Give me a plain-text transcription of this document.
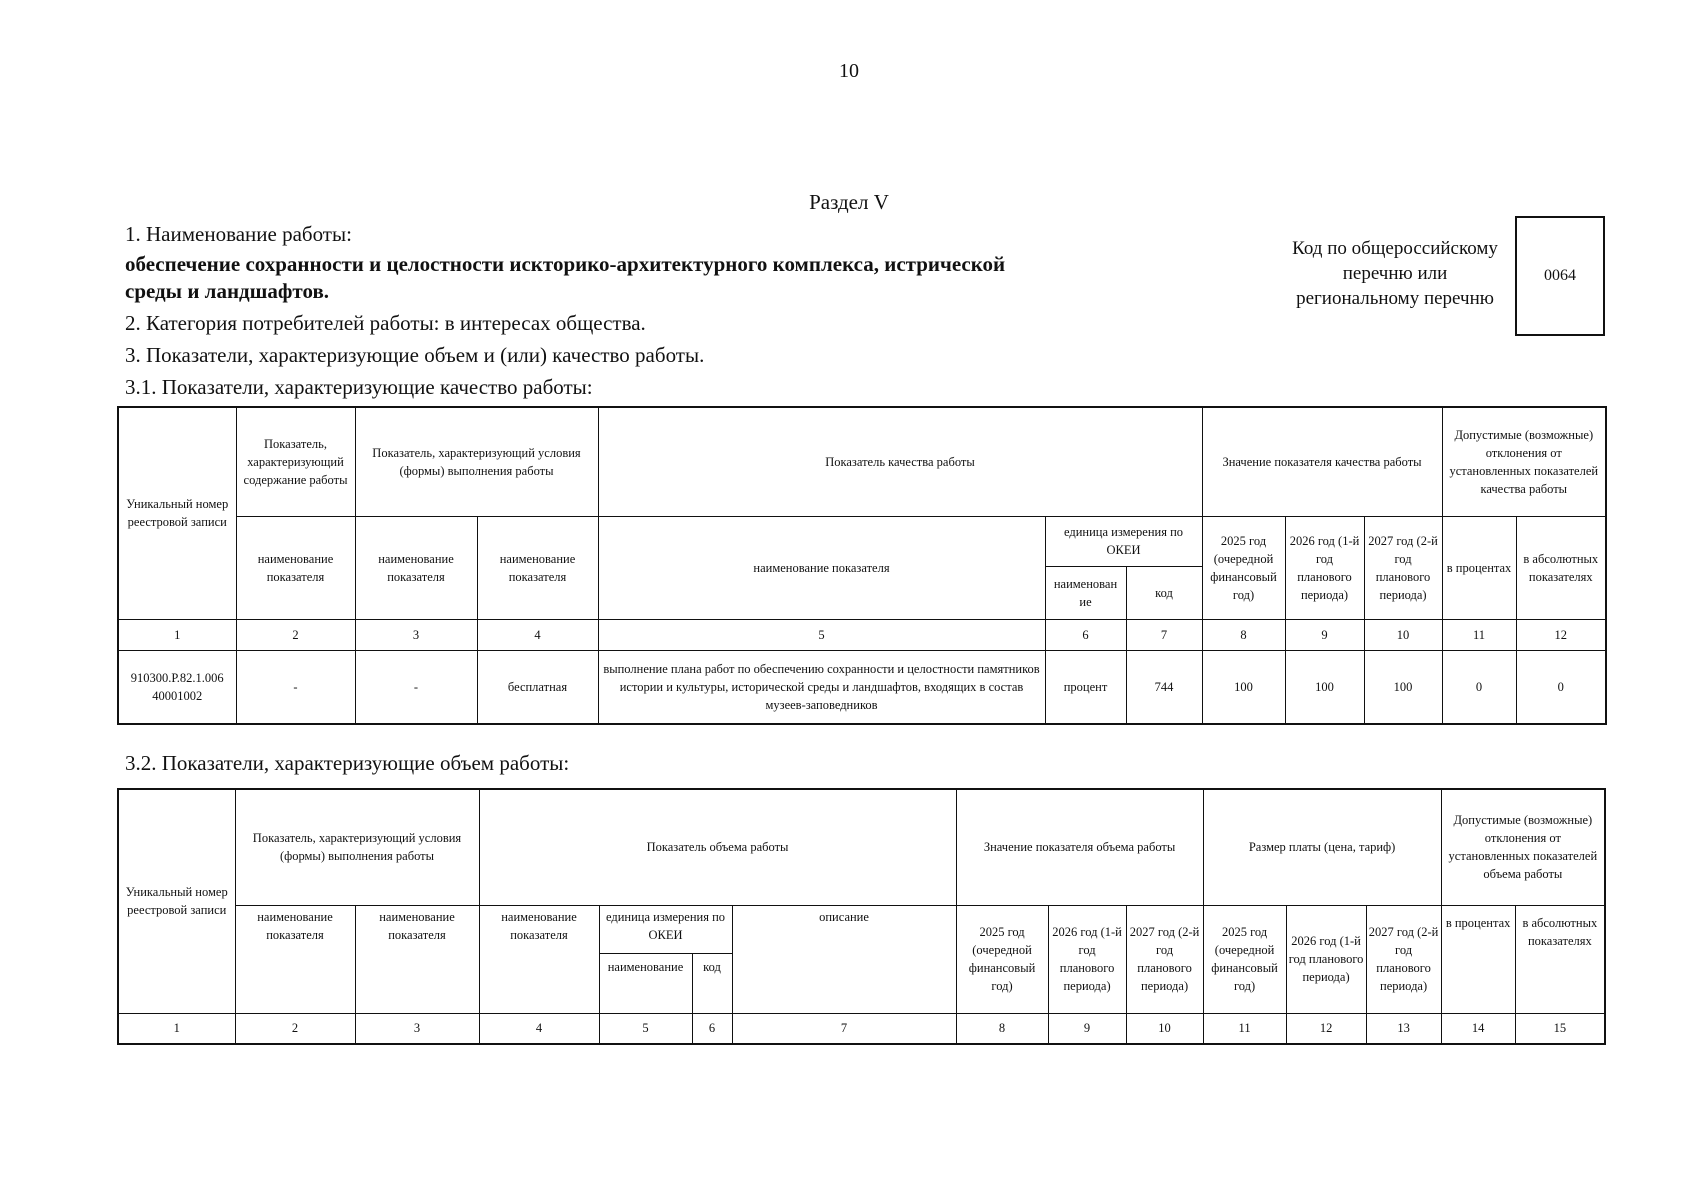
10
Раздел V
1. Наименование работы:
обеспечение сохранности и целостности искторико-архитектурного комплекса, истрической
среды и ландшафтов.
2. Категория потребителей работы: в интересах общества.
3. Показатели, характеризующие объем и (или) качество работы.
3.1. Показатели, характеризующие качество работы:
Код по общероссийскому
перечню или
региональному перечню
0064
Уникальный номер реестровой записи	Показатель, характеризующий содержание работы	Показатель, характеризующий условия (формы) выполнения работы		Показатель качества работы			Значение показателя качества работы			Допустимые (возможные) отклонения от установленных показателей качества работы	
	наименование показателя	наименование показателя	наименование показателя	наименование показателя	единица измерения по ОКЕИ		2025 год (очередной финансовый год)	2026 год (1-й год планового периода)	2027 год (2-й год планового периода)	в процентах	в абсолютных показателях
					наименован ие	код					
1	2	3	4	5	6	7	8	9	10	11	12
910300.Р.82.1.006 40001002	-	-	бесплатная	выполнение плана работ по обеспечению сохранности и целостности памятников истории и культуры, исторической среды и ландшафтов, входящих в состав музеев-заповедников	процент	744	100	100	100	0	0
3.2. Показатели, характеризующие объем работы:
Уникальный номер реестровой записи	Показатель, характеризующий условия (формы) выполнения работы		Показатель объема работы				Значение показателя объема работы			Размер платы (цена, тариф)			Допустимые (возможные) отклонения от установленных показателей объема работы	
	наименование показателя	наименование показателя	наименование показателя	единица измерения по ОКЕИ		описание	2025 год (очередной финансовый год)	2026 год (1-й год планового периода)	2027 год (2-й год планового периода)	2025 год (очередной финансовый год)	2026 год (1-й год планового периода)	2027 год (2-й год планового периода)	в процентах	в абсолютных показателях
				наименование	код									
1	2	3	4	5	6	7	8	9	10	11	12	13	14	15
